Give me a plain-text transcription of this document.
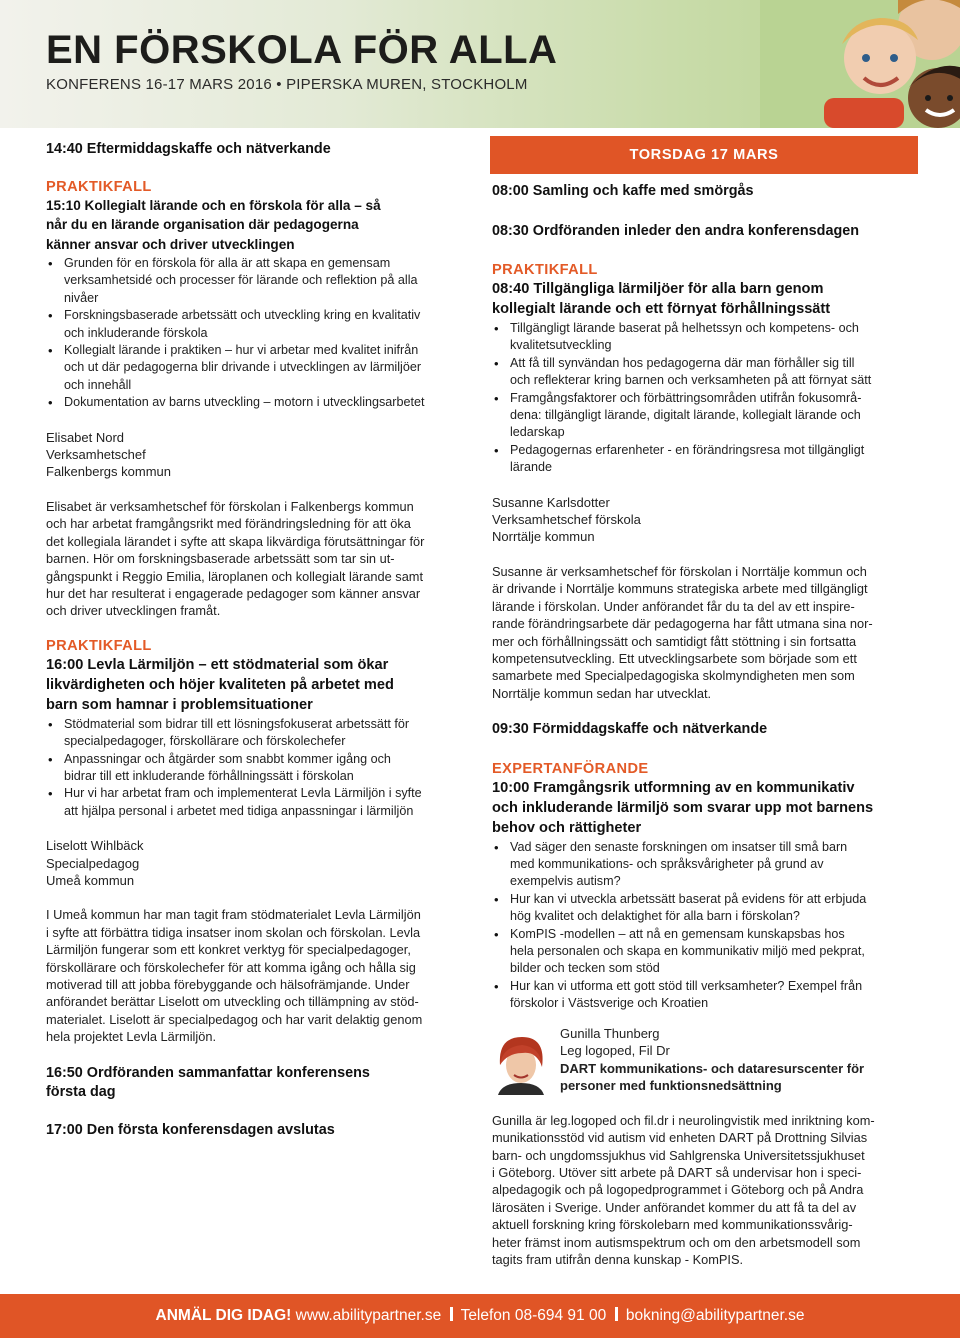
EN FÖRSKOLA FÖR ALLA
KONFERENS 16-17 MARS 2016 • PIPERSKA MUREN, STOCKHOLM
14:40 Eftermiddagskaffe och nätverkande
PRAKTIKFALL
15:10 Kollegialt lärande och en förskola för alla – så
når du en lärande organisation där pedagogerna
känner ansvar och driver utvecklingen
• Grunden för en förskola för alla är att skapa en gemensam
verksamhetsidé och processer för lärande och reflektion på alla
nivåer
• Forskningsbaserade arbetssätt och utveckling kring en kvalitativ
och inkluderande förskola
• Kollegialt lärande i praktiken – hur vi arbetar med kvalitet inifrån
och ut där pedagogerna blir drivande i utvecklingen av lärmiljöer
och innehåll
• Dokumentation av barns utveckling – motorn i utvecklingsarbetet
Elisabet Nord
Verksamhetschef
Falkenbergs kommun
Elisabet är verksamhetschef för förskolan i Falkenbergs kommun
och har arbetat framgångsrikt med förändringsledning för att öka
det kollegiala lärandet i syfte att skapa likvärdiga förutsättningar för
barnen. Hör om forskningsbaserade arbetssätt som tar sin ut-
gångspunkt i Reggio Emilia, läroplanen och kollegialt lärande samt
hur det har resulterat i engagerade pedagoger som känner ansvar
och driver utvecklingen framåt.
PRAKTIKFALL
16:00 Levla Lärmiljön – ett stödmaterial som ökar
likvärdigheten och höjer kvaliteten på arbetet med
barn som hamnar i problemsituationer
• Stödmaterial som bidrar till ett lösningsfokuserat arbetssätt för
specialpedagoger, förskollärare och förskolechefer
• Anpassningar och åtgärder som snabbt kommer igång och
bidrar till ett inkluderande förhållningssätt i förskolan
• Hur vi har arbetat fram och implementerat Levla Lärmiljön i syfte
att hjälpa personal i arbetet med tidiga anpassningar i lärmiljön
Liselott Wihlbäck
Specialpedagog
Umeå kommun
I Umeå kommun har man tagit fram stödmaterialet Levla Lärmiljön
i syfte att förbättra tidiga insatser inom skolan och förskolan. Levla
Lärmiljön fungerar som ett konkret verktyg för specialpedagoger,
förskollärare och förskolechefer för att komma igång och hålla sig
motiverad till att jobba förebyggande och hälsofrämjande. Under
anförandet berättar Liselott om utveckling och tillämpning av stöd-
materialet. Liselott är specialpedagog och har varit delaktig genom
hela projektet Levla Lärmiljön.
16:50 Ordföranden sammanfattar konferensens
första dag
17:00 Den första konferensdagen avslutas
TORSDAG 17 MARS
08:00 Samling och kaffe med smörgås
08:30 Ordföranden inleder den andra konferensdagen
PRAKTIKFALL
08:40 Tillgängliga lärmiljöer för alla barn genom
kollegialt lärande och ett förnyat förhållningssätt
• Tillgängligt lärande baserat på helhetssyn och kompetens- och
kvalitetsutveckling
• Att få till synvändan hos pedagogerna där man förhåller sig till
och reflekterar kring barnen och verksamheten på att förnyat sätt
• Framgångsfaktorer och förbättringsområden utifrån fokusområ-
dena: tillgängligt lärande, digitalt lärande, kollegialt lärande och
ledarskap
• Pedagogernas erfarenheter - en förändringsresa mot tillgängligt
lärande
Susanne Karlsdotter
Verksamhetschef förskola
Norrtälje kommun
Susanne är verksamhetschef för förskolan i Norrtälje kommun och
är drivande i Norrtälje kommuns strategiska arbete med tillgängligt
lärande i förskolan. Under anförandet får du ta del av ett inspire-
rande förändringsarbete där pedagogerna har fått utmana sina nor-
mer och förhållningssätt och samtidigt fått stöttning i sin fortsatta
kompetensutveckling. Ett utvecklingsarbete som började som ett
samarbete med Specialpedagogiska skolmyndigheten men som
Norrtälje kommun sedan har utvecklat.
09:30 Förmiddagskaffe och nätverkande
EXPERTANFÖRANDE
10:00 Framgångsrik utformning av en kommunikativ
och inkluderande lärmiljö som svarar upp mot barnens
behov och rättigheter
• Vad säger den senaste forskningen om insatser till små barn
med kommunikations- och språksvårigheter på grund av
exempelvis autism?
• Hur kan vi utveckla arbetssätt baserat på evidens för att erbjuda
hög kvalitet och delaktighet för alla barn i förskolan?
• KomPIS -modellen – att nå en gemensam kunskapsbas hos
hela personalen och skapa en kommunikativ miljö med pekprat,
bilder och tecken som stöd
• Hur kan vi utforma ett gott stöd till verksamheter? Exempel från
förskolor i Västsverige och Kroatien
Gunilla Thunberg
Leg logoped, Fil Dr
DART kommunikations- och dataresurscenter för
personer med funktionsnedsättning
Gunilla är leg.logoped och fil.dr i neurolingvistik med inriktning kom-
munikationsstöd vid autism vid enheten DART på Drottning Silvias
barn- och ungdomssjukhus vid Sahlgrenska Universitetssjukhuset
i Göteborg. Utöver sitt arbete på DART så undervisar hon i speci-
alpedagogik och på logopedprogrammet i Göteborg och på Andra
lärosäten i Sverige. Under anförandet kommer du att få ta del av
aktuell forskning kring förskolebarn med kommunikationssvårig-
heter främst inom autismspektrum och om den arbetsmodell som
tagits fram utifrån denna kunskap - KomPIS.
ANMÄL DIG IDAG! www.abilitypartner.se Telefon 08-694 91 00 bokning@abilitypartner.se
